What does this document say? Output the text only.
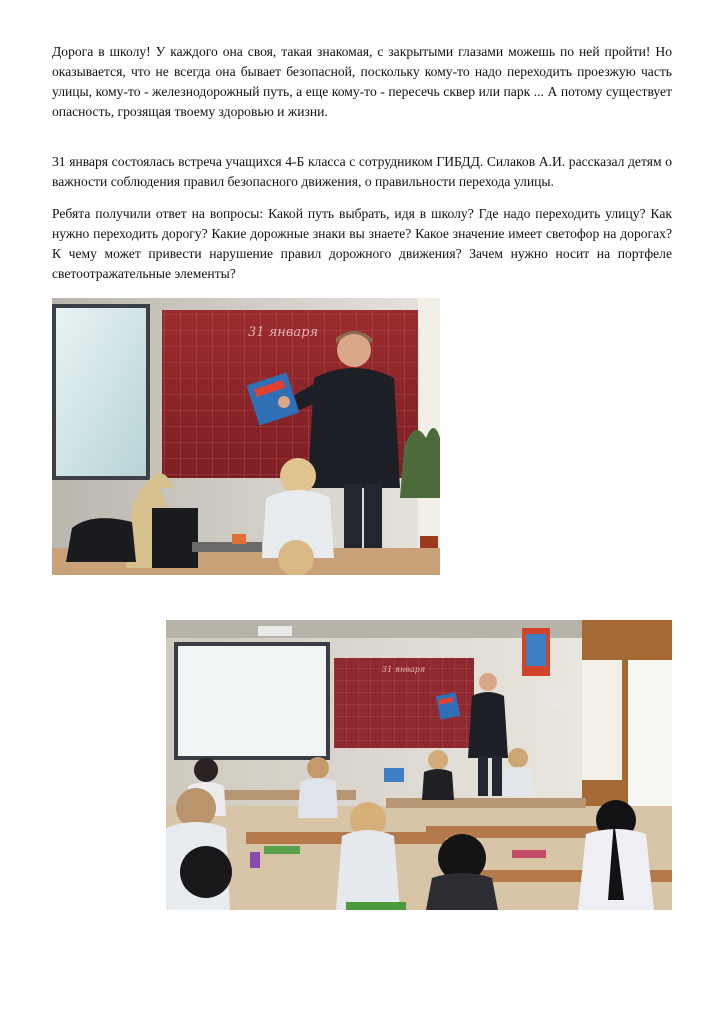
Дорога в школу! У каждого она своя, такая знакомая, с закрытыми глазами можешь по ней пройти! Но оказывается, что не всегда она бывает безопасной, поскольку кому-то надо переходить проезжую часть улицы, кому-то - железнодорожный путь, а еще кому-то - пересечь сквер или парк ... А потому существует опасность, грозящая твоему здоровью и жизни.

31 января состоялась встреча учащихся 4-Б класса с сотрудником ГИБДД. Силаков А.И. рассказал детям о важности соблюдения правил безопасного движения, о правильности перехода улицы.

Ребята получили ответ на вопросы: Какой путь выбрать, идя в школу? Где надо переходить улицу? Как нужно переходить дорогу? Какие дорожные знаки вы знаете? Какое значение имеет светофор на дорогах? К чему может привести нарушение правил дорожного движения? Зачем нужно носит на портфеле светоотражательные элементы?

31 января
31 января
